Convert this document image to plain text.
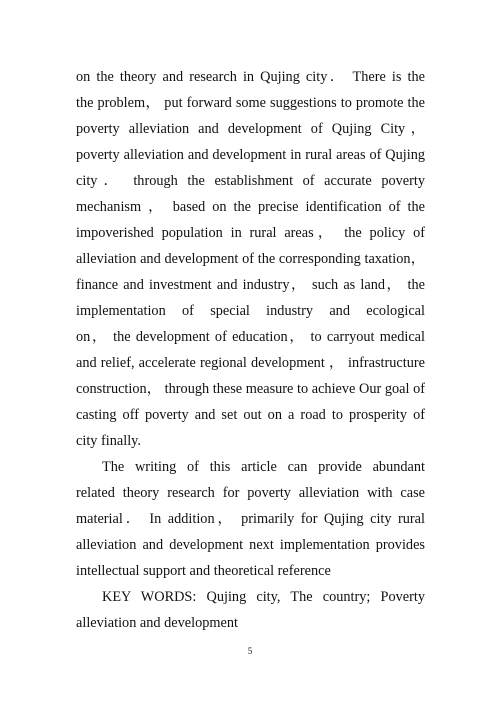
on the theory and research in Qujing city． There is the
the problem， put forward some suggestions to promote the
poverty alleviation and development of Qujing City，
poverty alleviation and development in rural areas of Qujing
city． through the establishment of accurate poverty
mechanism ， based on the precise identification of the
impoverished population in rural areas， the policy of
alleviation and development of the corresponding taxation，
finance and investment and industry， such as land， the
implementation of special industry and ecological
on， the development of education， to carryout medical
and relief, accelerate regional development ， infrastructure
construction， through these measure to achieve Our goal of
casting off poverty and set out on a road to prosperity of
city finally.
The writing of this article can provide abundant
related theory research for poverty alleviation with case
material． In addition， primarily for Qujing city rural
alleviation and development next implementation provides
intellectual support and theoretical reference
KEY WORDS: Qujing city, The country; Poverty
alleviation and development
5
